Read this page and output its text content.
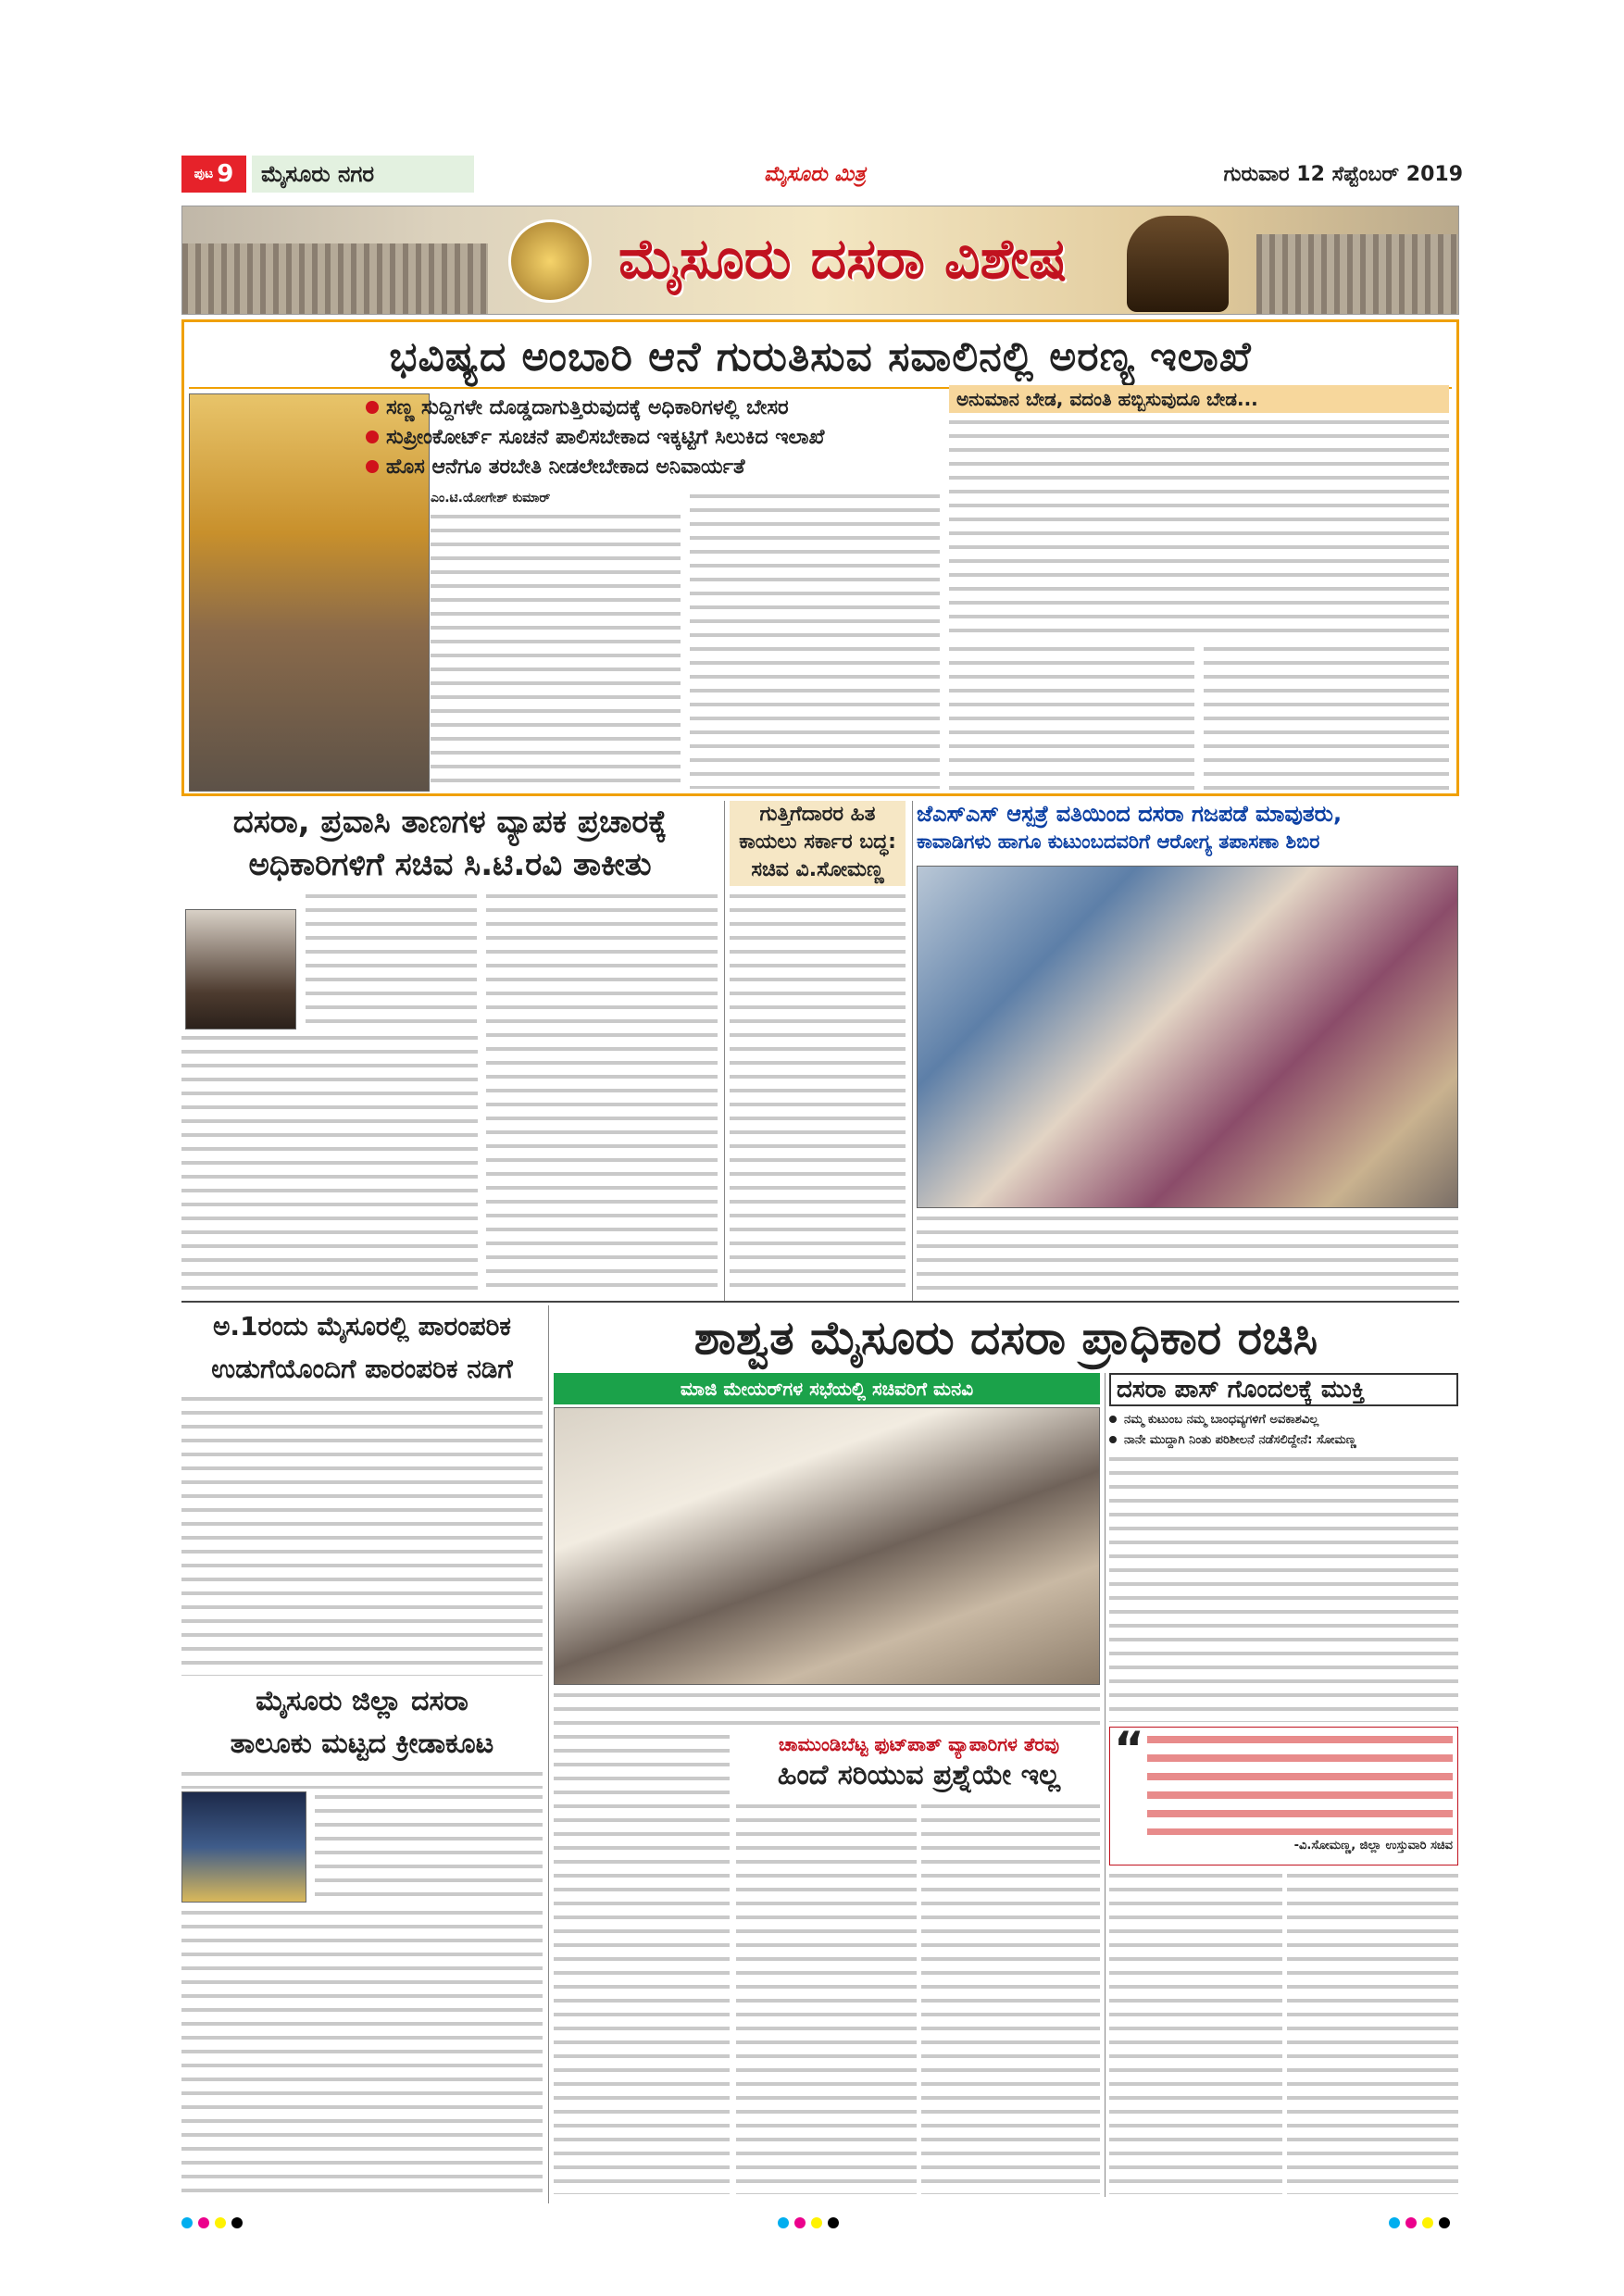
ಪುಟ 9	ಮೈಸೂರು ನಗರ	ಮೈಸೂರು ಮಿತ್ರ	ಗುರುವಾರ 12 ಸೆಪ್ಟೆಂಬರ್ 2019
ಮೈಸೂರು ದಸರಾ ವಿಶೇಷ
ಭವಿಷ್ಯದ ಅಂಬಾರಿ ಆನೆ ಗುರುತಿಸುವ ಸವಾಲಿನಲ್ಲಿ ಅರಣ್ಯ ಇಲಾಖೆ
ಸಣ್ಣ ಸುದ್ದಿಗಳೇ ದೊಡ್ಡದಾಗುತ್ತಿರುವುದಕ್ಕೆ ಅಧಿಕಾರಿಗಳಲ್ಲಿ ಬೇಸರ
ಸುಪ್ರೀಂಕೋರ್ಟ್ ಸೂಚನೆ ಪಾಲಿಸಬೇಕಾದ ಇಕ್ಕಟ್ಟಿಗೆ ಸಿಲುಕಿದ ಇಲಾಖೆ
ಹೊಸ ಆನೆಗೂ ತರಬೇತಿ ನೀಡಲೇಬೇಕಾದ ಅನಿವಾರ್ಯತೆ
ಎಂ.ಟಿ.ಯೋಗೇಶ್ ಕುಮಾರ್
ಅನುಮಾನ ಬೇಡ, ವದಂತಿ ಹಬ್ಬಿಸುವುದೂ ಬೇಡ...
ದಸರಾ, ಪ್ರವಾಸಿ ತಾಣಗಳ ವ್ಯಾಪಕ ಪ್ರಚಾರಕ್ಕೆ
ಅಧಿಕಾರಿಗಳಿಗೆ ಸಚಿವ ಸಿ.ಟಿ.ರವಿ ತಾಕೀತು
ಗುತ್ತಿಗೆದಾರರ ಹಿತ
ಕಾಯಲು ಸರ್ಕಾರ ಬದ್ಧ:
ಸಚಿವ ವಿ.ಸೋಮಣ್ಣ
ಜೆಎಸ್‌ಎಸ್ ಆಸ್ಪತ್ರೆ ವತಿಯಿಂದ ದಸರಾ ಗಜಪಡೆ ಮಾವುತರು,
ಕಾವಾಡಿಗಳು ಹಾಗೂ ಕುಟುಂಬದವರಿಗೆ ಆರೋಗ್ಯ ತಪಾಸಣಾ ಶಿಬಿರ
ಅ.1ರಂದು ಮೈಸೂರಲ್ಲಿ ಪಾರಂಪರಿಕ
ಉಡುಗೆಯೊಂದಿಗೆ ಪಾರಂಪರಿಕ ನಡಿಗೆ
ಮೈಸೂರು ಜಿಲ್ಲಾ ದಸರಾ
ತಾಲೂಕು ಮಟ್ಟದ ಕ್ರೀಡಾಕೂಟ
ಶಾಶ್ವತ ಮೈಸೂರು ದಸರಾ ಪ್ರಾಧಿಕಾರ ರಚಿಸಿ
ಮಾಜಿ ಮೇಯರ್‌ಗಳ ಸಭೆಯಲ್ಲಿ ಸಚಿವರಿಗೆ ಮನವಿ
ಚಾಮುಂಡಿಬೆಟ್ಟ ಫುಟ್‌ಪಾತ್ ವ್ಯಾಪಾರಿಗಳ ತೆರವು
ಹಿಂದೆ ಸರಿಯುವ ಪ್ರಶ್ನೆಯೇ ಇಲ್ಲ
ದಸರಾ ಪಾಸ್ ಗೊಂದಲಕ್ಕೆ ಮುಕ್ತಿ
ನಮ್ಮ ಕುಟುಂಬ ನಮ್ಮ ಬಾಂಧವ್ಯಗಳಿಗೆ ಅವಕಾಶವಿಲ್ಲ
ನಾನೇ ಮುದ್ದಾಗಿ ನಿಂತು ಪರಿಶೀಲನೆ ನಡೆಸಲಿದ್ದೇನೆ: ಸೋಮಣ್ಣ
“
-ವಿ.ಸೋಮಣ್ಣ, ಜಿಲ್ಲಾ ಉಸ್ತುವಾರಿ ಸಚಿವ
